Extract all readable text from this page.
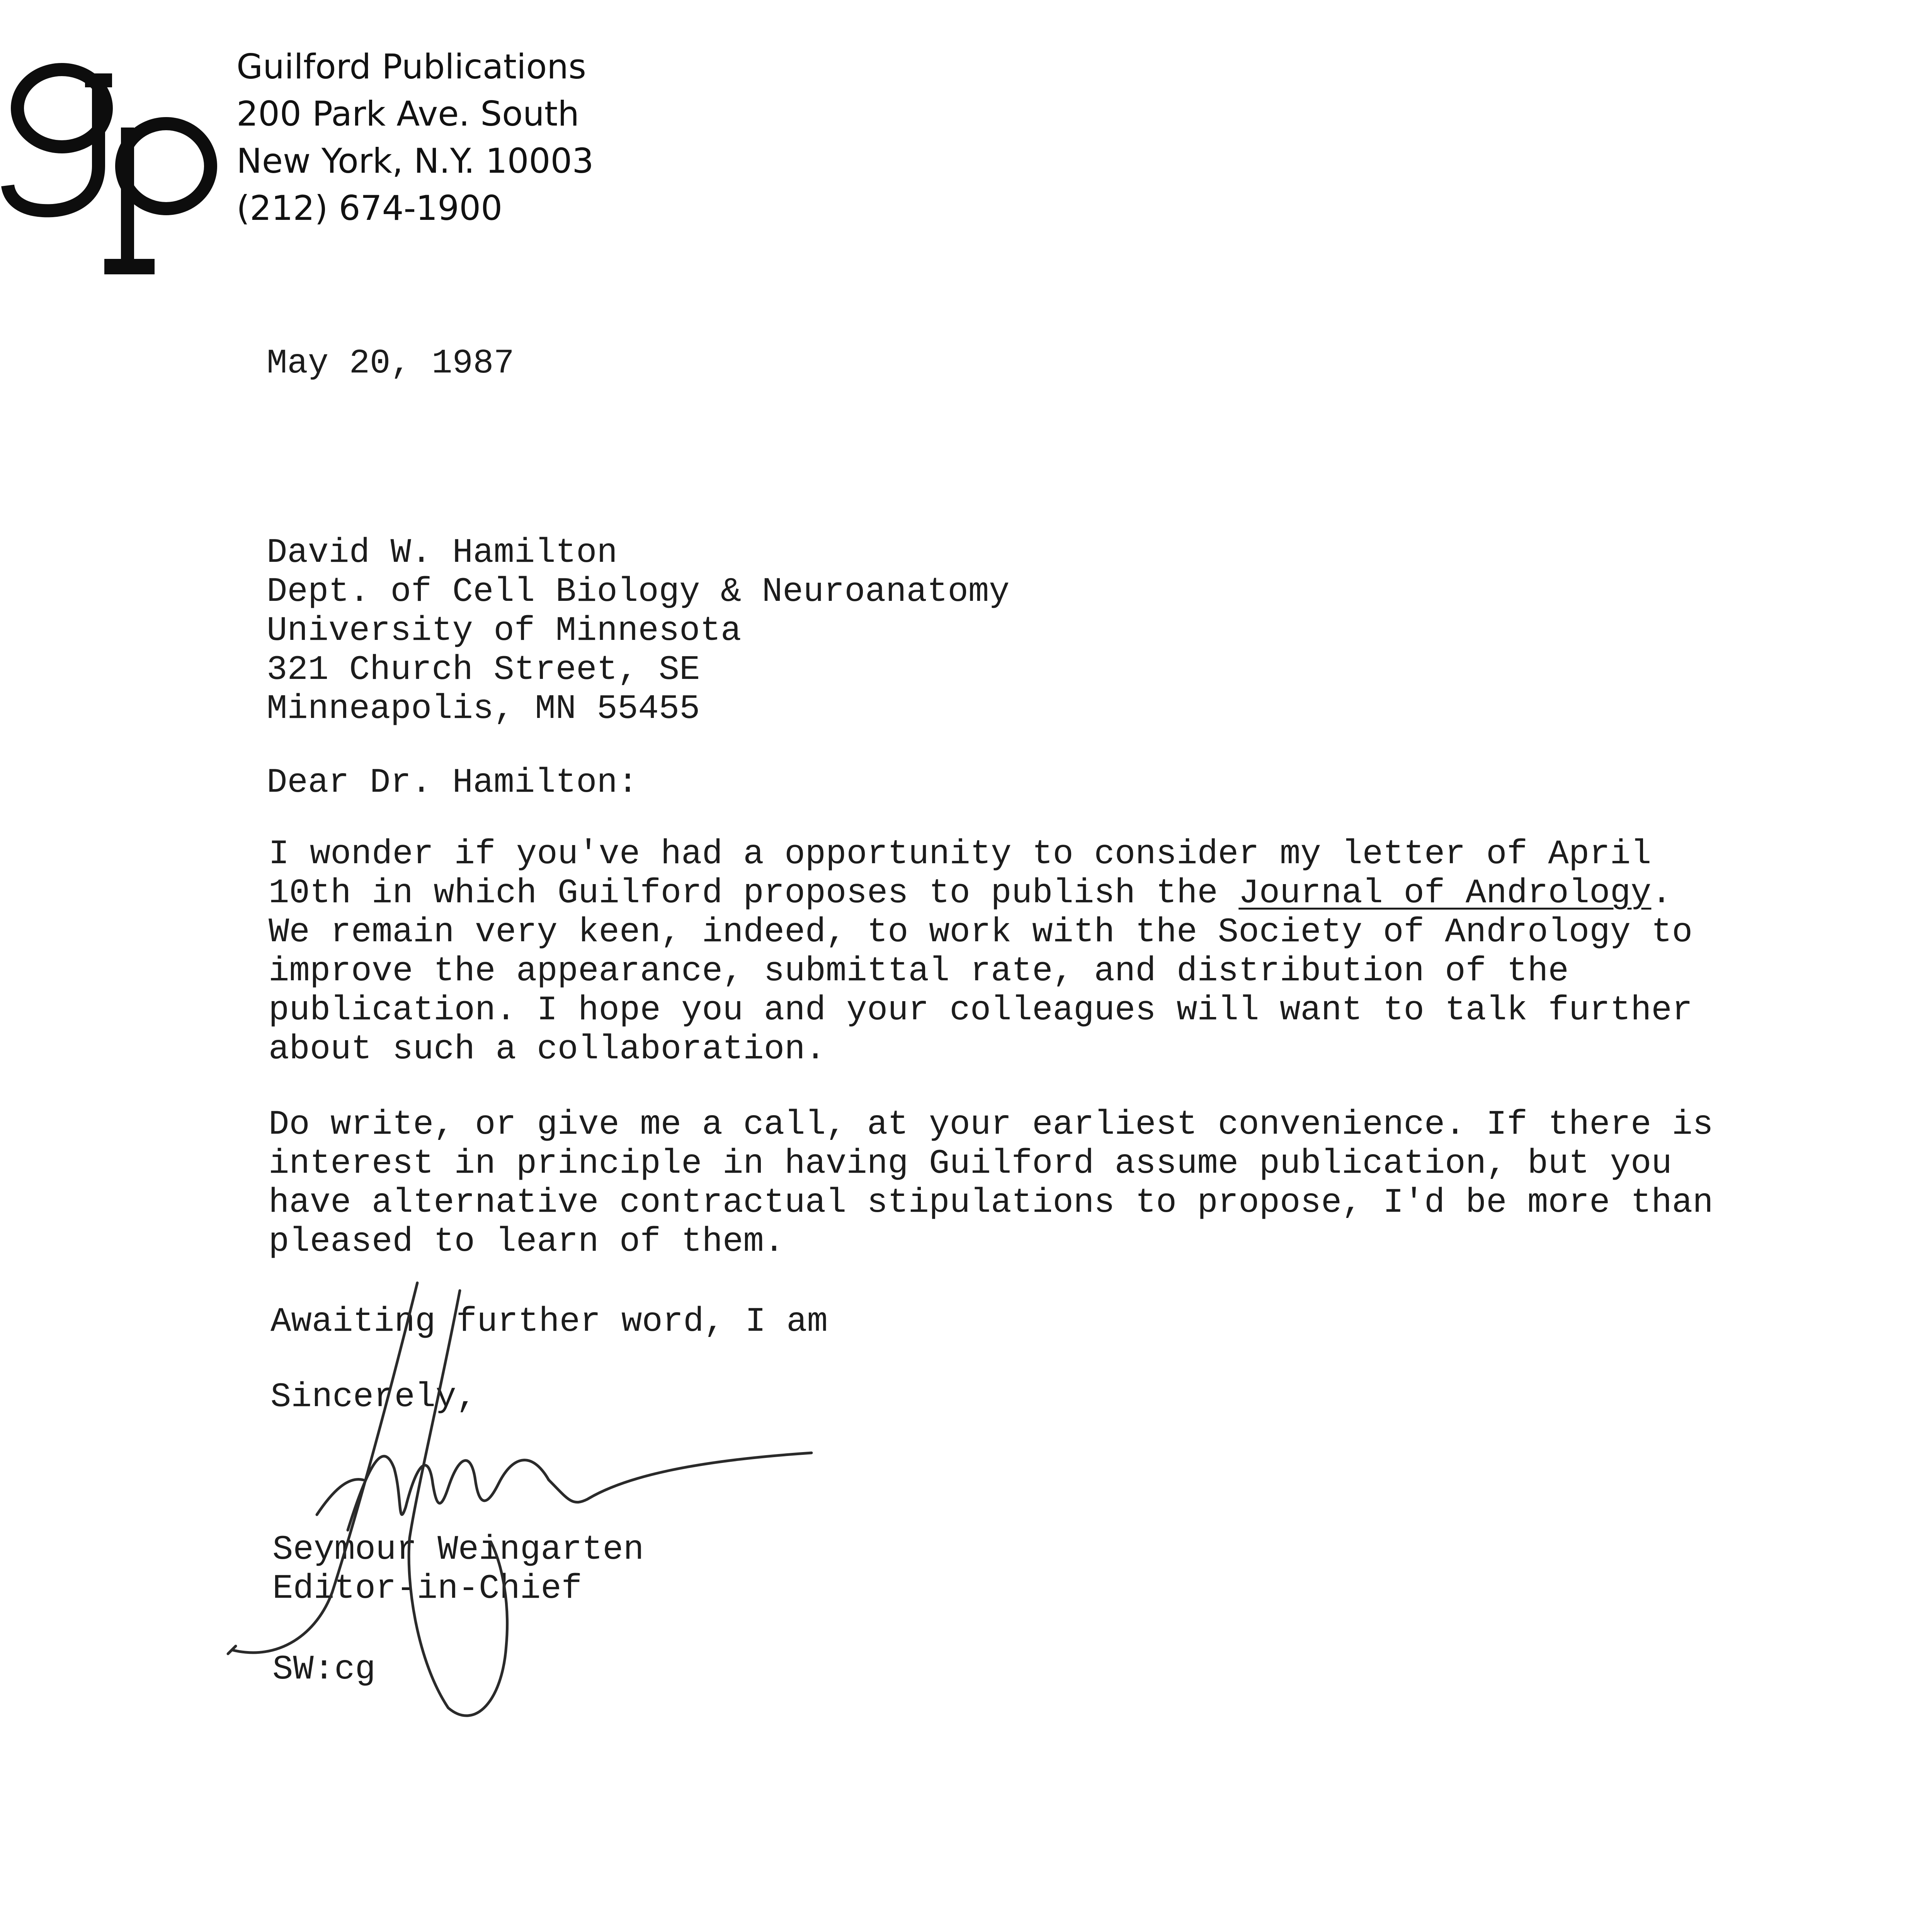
gp	Guilford Publications
200 Park Ave. South
New York, N.Y. 10003
(212) 674-1900
May 20, 1987
David W. Hamilton
Dept. of Cell Biology & Neuroanatomy
University of Minnesota
321 Church Street, SE
Minneapolis, MN 55455
Dear Dr. Hamilton:
I wonder if you've had a opportunity to consider my letter of April
10th in which Guilford proposes to publish the Journal of Andrology.
We remain very keen, indeed, to work with the Society of Andrology to
improve the appearance, submittal rate, and distribution of the
publication. I hope you and your colleagues will want to talk further
about such a collaboration.
Do write, or give me a call, at your earliest convenience. If there is
interest in principle in having Guilford assume publication, but you
have alternative contractual stipulations to propose, I'd be more than
pleased to learn of them.
Awaiting further word, I am
Sincerely,
Seymour Weingarten
Editor-in-Chief
SW:cg
